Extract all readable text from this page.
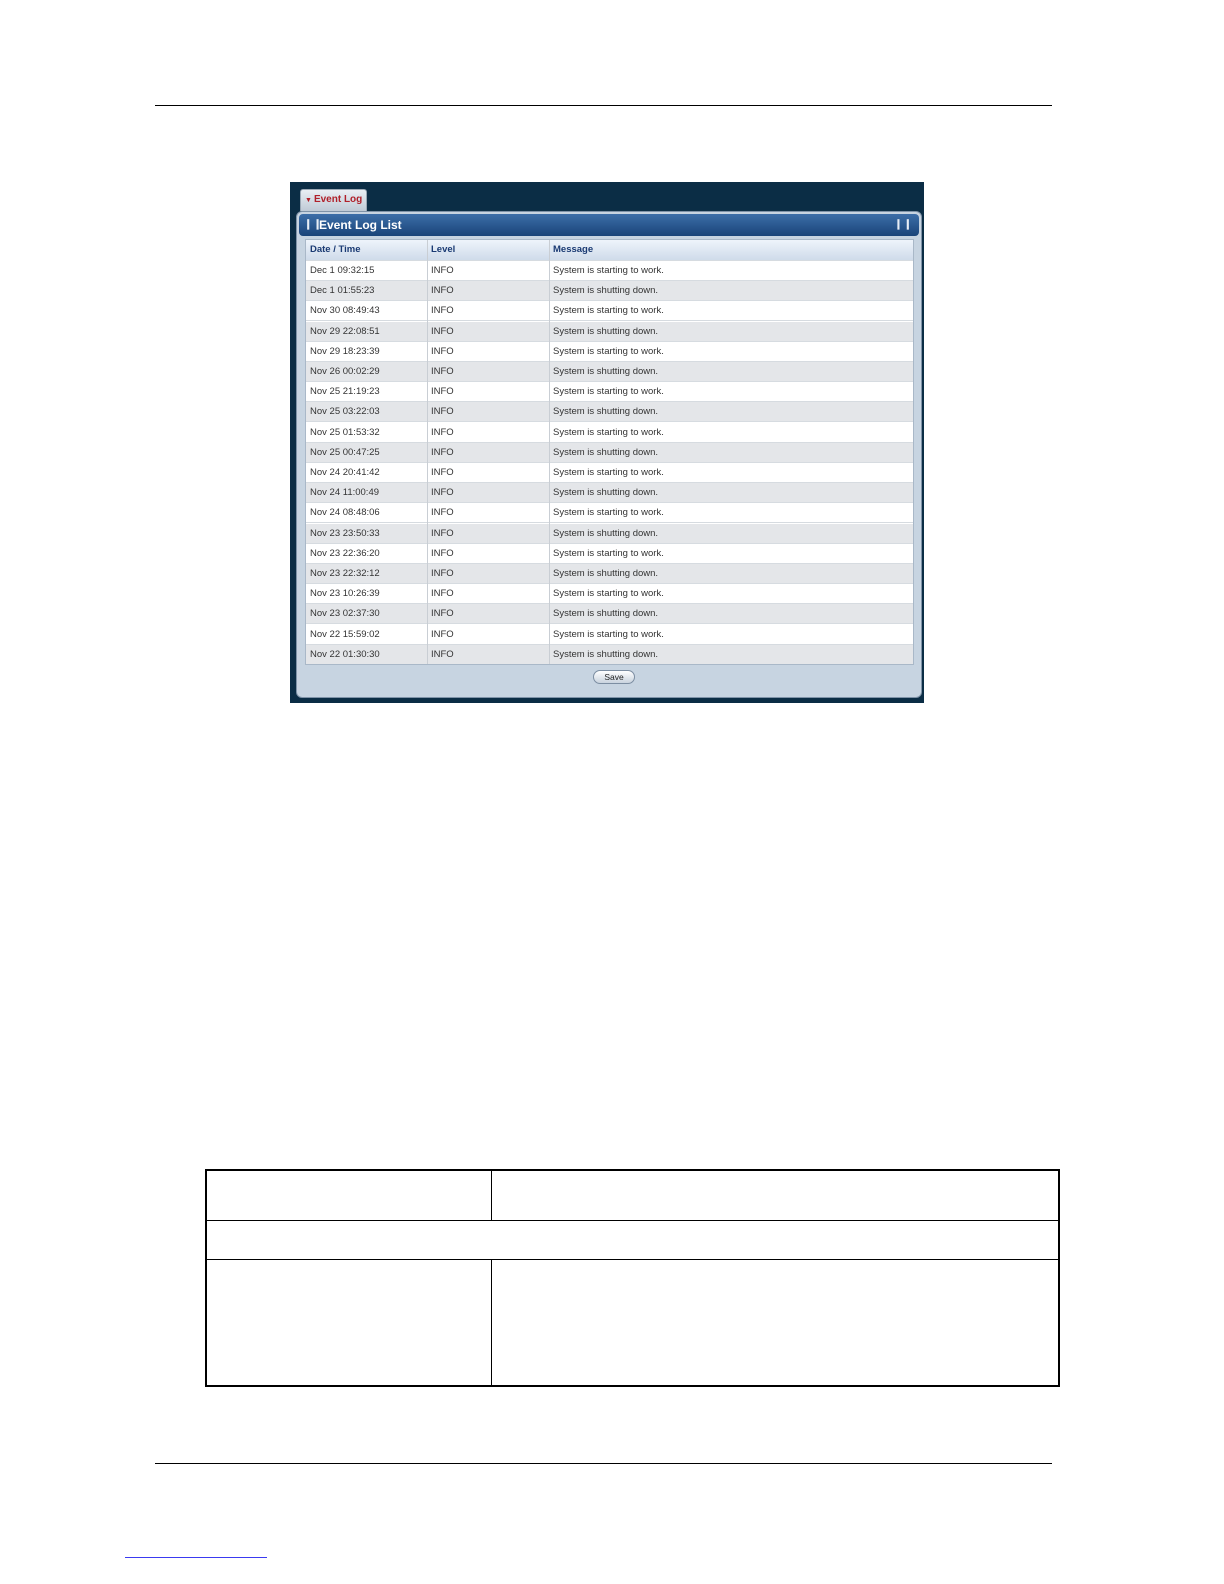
▼ Event Log
❙❙
Event Log List	❙❙
Date / Time	Level	Message
Dec 1 09:32:15	INFO	System is starting to work.
Dec 1 01:55:23	INFO	System is shutting down.
Nov 30 08:49:43	INFO	System is starting to work.
Nov 29 22:08:51	INFO	System is shutting down.
Nov 29 18:23:39	INFO	System is starting to work.
Nov 26 00:02:29	INFO	System is shutting down.
Nov 25 21:19:23	INFO	System is starting to work.
Nov 25 03:22:03	INFO	System is shutting down.
Nov 25 01:53:32	INFO	System is starting to work.
Nov 25 00:47:25	INFO	System is shutting down.
Nov 24 20:41:42	INFO	System is starting to work.
Nov 24 11:00:49	INFO	System is shutting down.
Nov 24 08:48:06	INFO	System is starting to work.
Nov 23 23:50:33	INFO	System is shutting down.
Nov 23 22:36:20	INFO	System is starting to work.
Nov 23 22:32:12	INFO	System is shutting down.
Nov 23 10:26:39	INFO	System is starting to work.
Nov 23 02:37:30	INFO	System is shutting down.
Nov 22 15:59:02	INFO	System is starting to work.
Nov 22 01:30:30	INFO	System is shutting down.
Save
